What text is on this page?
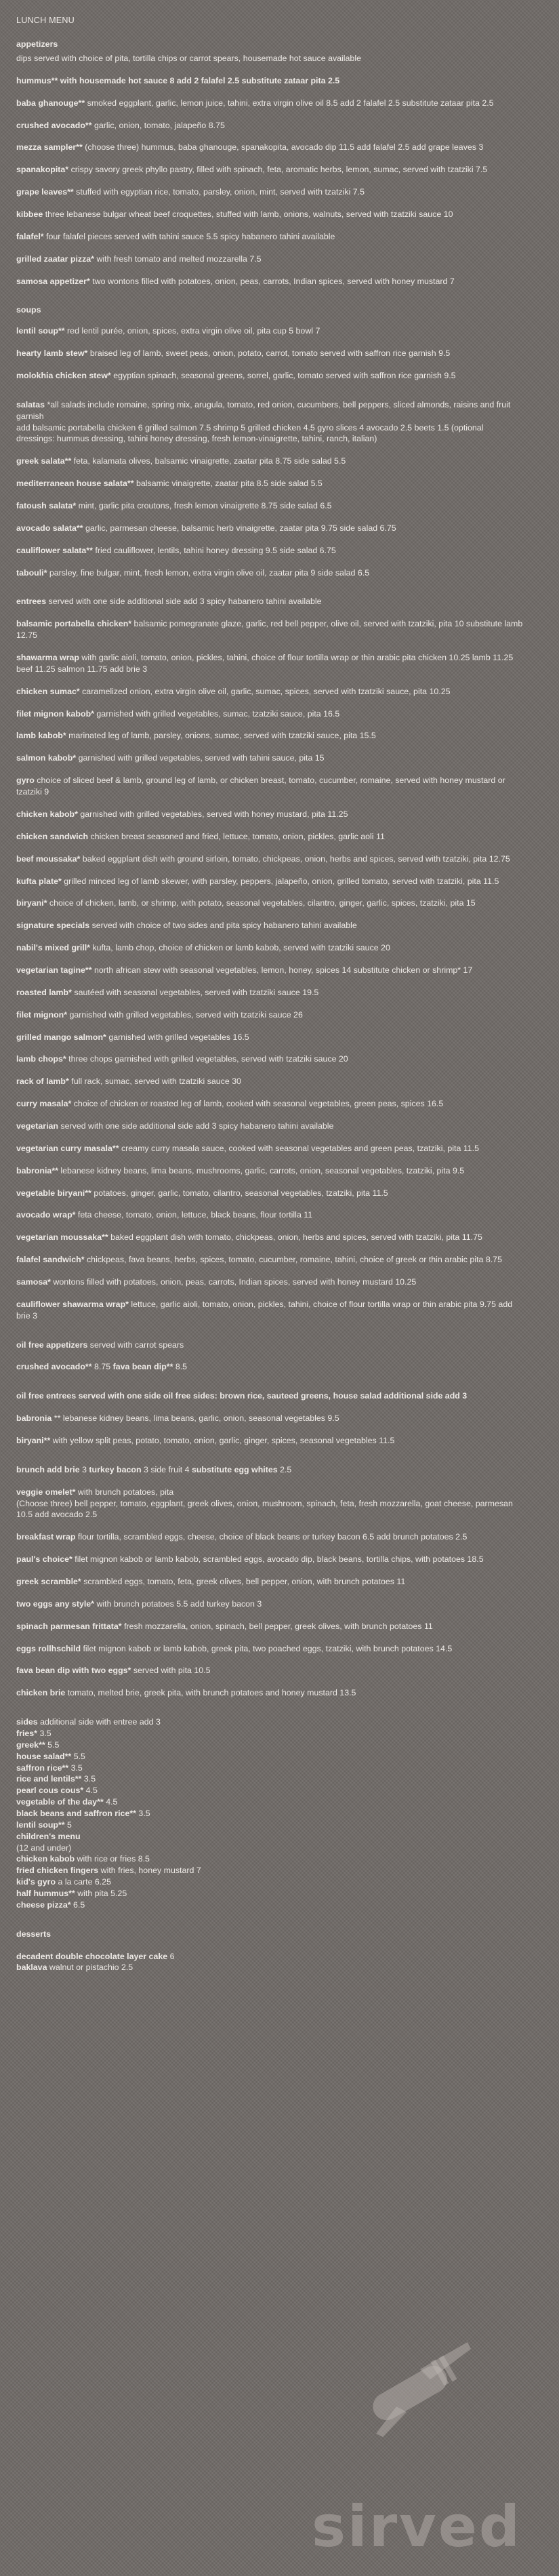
LUNCH MENU
appetizers
dips served with choice of pita, tortilla chips or carrot spears, housemade hot sauce available
hummus** with housemade hot sauce 8 add 2 falafel 2.5 substitute zataar pita 2.5
baba ghanouge** smoked eggplant, garlic, lemon juice, tahini, extra virgin olive oil 8.5 add 2 falafel 2.5 substitute zataar pita 2.5
crushed avocado** garlic, onion, tomato, jalapeño 8.75
mezza sampler** (choose three) hummus, baba ghanouge, spanakopita, avocado dip 11.5 add falafel 2.5 add grape leaves 3
spanakopita* crispy savory greek phyllo pastry, filled with spinach, feta, aromatic herbs, lemon, sumac, served with tzatziki 7.5
grape leaves** stuffed with egyptian rice, tomato, parsley, onion, mint, served with tzatziki 7.5
kibbee three lebanese bulgar wheat beef croquettes, stuffed with lamb, onions, walnuts, served with tzatziki sauce 10
falafel* four falafel pieces served with tahini sauce 5.5 spicy habanero tahini available
grilled zaatar pizza* with fresh tomato and melted mozzarella 7.5
samosa appetizer* two wontons filled with potatoes, onion, peas, carrots, Indian spices, served with honey mustard 7
soups
lentil soup** red lentil purée, onion, spices, extra virgin olive oil, pita cup 5 bowl 7
hearty lamb stew* braised leg of lamb, sweet peas, onion, potato, carrot, tomato served with saffron rice garnish 9.5
molokhia chicken stew* egyptian spinach, seasonal greens, sorrel, garlic, tomato served with saffron rice garnish 9.5
salatas *all salads include romaine, spring mix, arugula, tomato, red onion, cucumbers, bell peppers, sliced almonds, raisins and fruit garnish
add balsamic portabella chicken 6 grilled salmon 7.5 shrimp 5 grilled chicken 4.5 gyro slices 4 avocado 2.5 beets 1.5 (optional dressings: hummus dressing, tahini honey dressing, fresh lemon-vinaigrette, tahini, ranch, italian)
greek salata** feta, kalamata olives, balsamic vinaigrette, zaatar pita 8.75 side salad 5.5
mediterranean house salata** balsamic vinaigrette, zaatar pita 8.5 side salad 5.5
fatoush salata* mint, garlic pita croutons, fresh lemon vinaigrette 8.75 side salad 6.5
avocado salata** garlic, parmesan cheese, balsamic herb vinaigrette, zaatar pita 9.75 side salad 6.75
cauliflower salata** fried cauliflower, lentils, tahini honey dressing 9.5 side salad 6.75
tabouli* parsley, fine bulgar, mint, fresh lemon, extra virgin olive oil, zaatar pita 9 side salad 6.5
entrees served with one side additional side add 3 spicy habanero tahini available
balsamic portabella chicken* balsamic pomegranate glaze, garlic, red bell pepper, olive oil, served with tzatziki, pita 10 substitute lamb 12.75
shawarma wrap with garlic aioli, tomato, onion, pickles, tahini, choice of flour tortilla wrap or thin arabic pita chicken 10.25 lamb 11.25 beef 11.25 salmon 11.75 add brie 3
chicken sumac* caramelized onion, extra virgin olive oil, garlic, sumac, spices, served with tzatziki sauce, pita 10.25
filet mignon kabob* garnished with grilled vegetables, sumac, tzatziki sauce, pita 16.5
lamb kabob* marinated leg of lamb, parsley, onions, sumac, served with tzatziki sauce, pita 15.5
salmon kabob* garnished with grilled vegetables, served with tahini sauce, pita 15
gyro choice of sliced beef & lamb, ground leg of lamb, or chicken breast, tomato, cucumber, romaine, served with honey mustard or tzatziki 9
chicken kabob* garnished with grilled vegetables, served with honey mustard, pita 11.25
chicken sandwich chicken breast seasoned and fried, lettuce, tomato, onion, pickles, garlic aoli 11
beef moussaka* baked eggplant dish with ground sirloin, tomato, chickpeas, onion, herbs and spices, served with tzatziki, pita 12.75
kufta plate* grilled minced leg of lamb skewer, with parsley, peppers, jalapeño, onion, grilled tomato, served with tzatziki, pita 11.5
biryani* choice of chicken, lamb, or shrimp, with potato, seasonal vegetables, cilantro, ginger, garlic, spices, tzatziki, pita 15
signature specials served with choice of two sides and pita spicy habanero tahini available
nabil's mixed grill* kufta, lamb chop, choice of chicken or lamb kabob, served with tzatziki sauce 20
vegetarian tagine** north african stew with seasonal vegetables, lemon, honey, spices 14 substitute chicken or shrimp* 17
roasted lamb* sautéed with seasonal vegetables, served with tzatziki sauce 19.5
filet mignon* garnished with grilled vegetables, served with tzatziki sauce 26
grilled mango salmon* garnished with grilled vegetables 16.5
lamb chops* three chops garnished with grilled vegetables, served with tzatziki sauce 20
rack of lamb* full rack, sumac, served with tzatziki sauce 30
curry masala* choice of chicken or roasted leg of lamb, cooked with seasonal vegetables, green peas, spices 16.5
vegetarian served with one side additional side add 3 spicy habanero tahini available
vegetarian curry masala** creamy curry masala sauce, cooked with seasonal vegetables and green peas, tzatziki, pita 11.5
babronia** lebanese kidney beans, lima beans, mushrooms, garlic, carrots, onion, seasonal vegetables, tzatziki, pita 9.5
vegetable biryani** potatoes, ginger, garlic, tomato, cilantro, seasonal vegetables, tzatziki, pita 11.5
avocado wrap* feta cheese, tomato, onion, lettuce, black beans, flour tortilla 11
vegetarian moussaka** baked eggplant dish with tomato, chickpeas, onion, herbs and spices, served with tzatziki, pita 11.75
falafel sandwich* chickpeas, fava beans, herbs, spices, tomato, cucumber, romaine, tahini, choice of greek or thin arabic pita 8.75
samosa* wontons filled with potatoes, onion, peas, carrots, Indian spices, served with honey mustard 10.25
cauliflower shawarma wrap* lettuce, garlic aioli, tomato, onion, pickles, tahini, choice of flour tortilla wrap or thin arabic pita 9.75 add brie 3
oil free appetizers served with carrot spears
crushed avocado** 8.75 fava bean dip** 8.5
oil free entrees served with one side oil free sides: brown rice, sauteed greens, house salad additional side add 3
babronia ** lebanese kidney beans, lima beans, garlic, onion, seasonal vegetables 9.5
biryani** with yellow split peas, potato, tomato, onion, garlic, ginger, spices, seasonal vegetables 11.5
brunch add brie 3 turkey bacon 3 side fruit 4 substitute egg whites 2.5
veggie omelet* with brunch potatoes, pita
(Choose three) bell pepper, tomato, eggplant, greek olives, onion, mushroom, spinach, feta, fresh mozzarella, goat cheese, parmesan 10.5 add avocado 2.5
breakfast wrap flour tortilla, scrambled eggs, cheese, choice of black beans or turkey bacon 6.5 add brunch potatoes 2.5
paul's choice* filet mignon kabob or lamb kabob, scrambled eggs, avocado dip, black beans, tortilla chips, with potatoes 18.5
greek scramble* scrambled eggs, tomato, feta, greek olives, bell pepper, onion, with brunch potatoes 11
two eggs any style* with brunch potatoes 5.5 add turkey bacon 3
spinach parmesan frittata* fresh mozzarella, onion, spinach, bell pepper, greek olives, with brunch potatoes 11
eggs rollhschild filet mignon kabob or lamb kabob, greek pita, two poached eggs, tzatziki, with brunch potatoes 14.5
fava bean dip with two eggs* served with pita 10.5
chicken brie tomato, melted brie, greek pita, with brunch potatoes and honey mustard 13.5
sides additional side with entree add 3
fries* 3.5
greek** 5.5
house salad** 5.5
saffron rice** 3.5
rice and lentils** 3.5
pearl cous cous* 4.5
vegetable of the day** 4.5
black beans and saffron rice** 3.5
lentil soup** 5
children's menu
(12 and under)
chicken kabob with rice or fries 8.5
fried chicken fingers with fries, honey mustard 7
kid's gyro a la carte 6.25
half hummus** with pita 5.25
cheese pizza* 6.5
desserts
decadent double chocolate layer cake 6
baklava walnut or pistachio 2.5
sirved
